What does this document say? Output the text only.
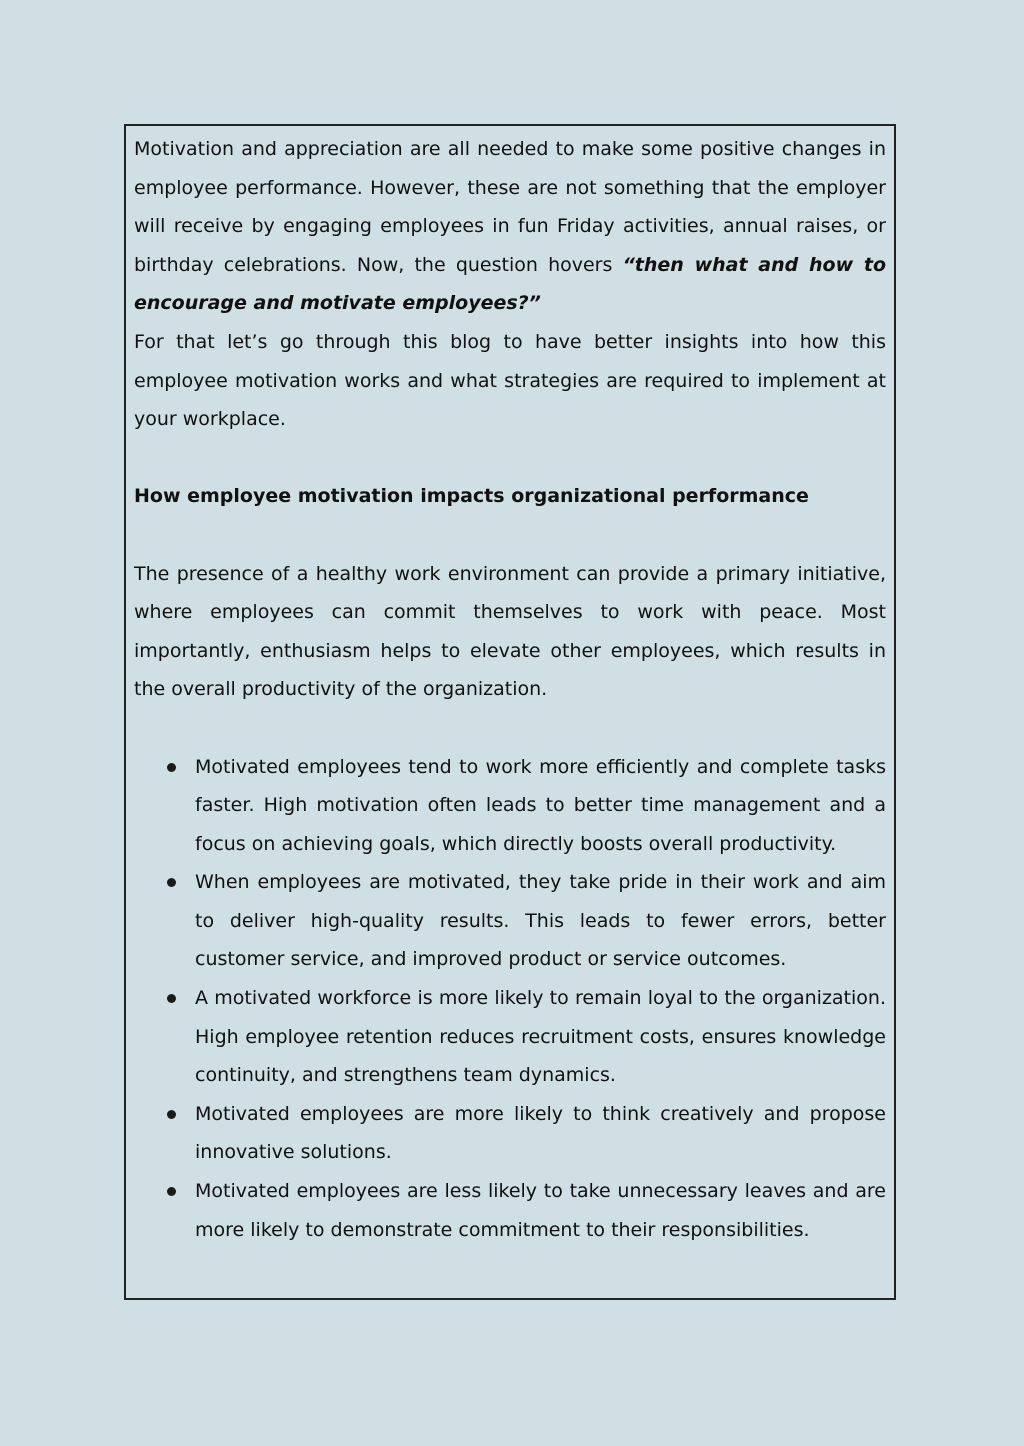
Motivation and appreciation are all needed to make some positive changes in employee performance. However, these are not something that the employer will receive by engaging employees in fun Friday activities, annual raises, or birthday celebrations. Now, the question hovers “then what and how to encourage and motivate employees?”

For that let’s go through this blog to have better insights into how this employee motivation works and what strategies are required to implement at your workplace.

How employee motivation impacts organizational performance

The presence of a healthy work environment can provide a primary initiative, where employees can commit themselves to work with peace. Most importantly, enthusiasm helps to elevate other employees, which results in the overall productivity of the organization.

Motivated employees tend to work more efficiently and complete tasks faster. High motivation often leads to better time management and a focus on achieving goals, which directly boosts overall productivity.
When employees are motivated, they take pride in their work and aim to deliver high-quality results. This leads to fewer errors, better customer service, and improved product or service outcomes.
A motivated workforce is more likely to remain loyal to the organization. High employee retention reduces recruitment costs, ensures knowledge continuity, and strengthens team dynamics.
Motivated employees are more likely to think creatively and propose innovative solutions.
Motivated employees are less likely to take unnecessary leaves and are more likely to demonstrate commitment to their responsibilities.
